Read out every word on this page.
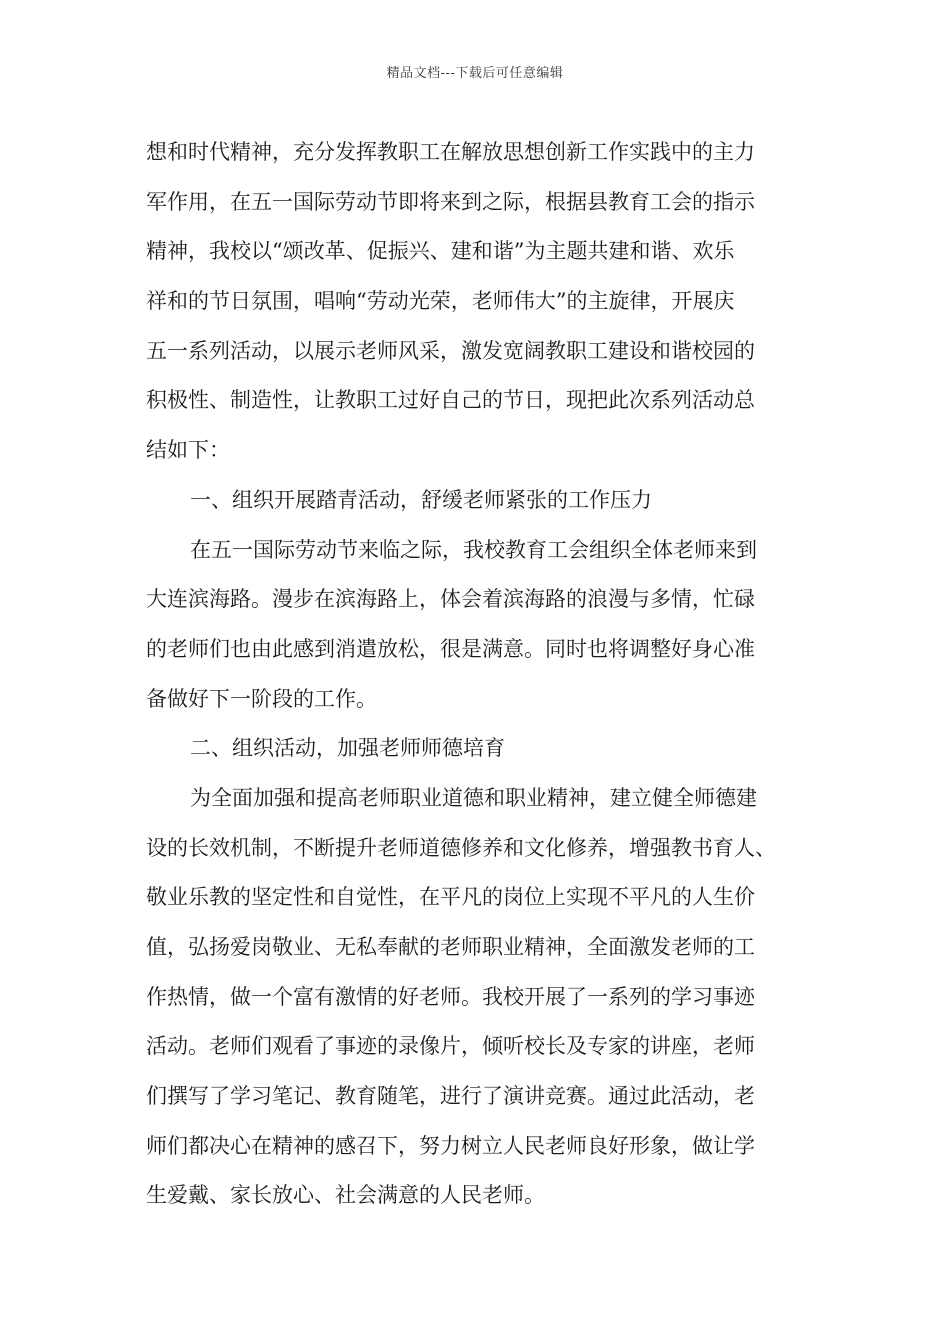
精品文档---下载后可任意编辑
想和时代精神，充分发挥教职工在解放思想创新工作实践中的主力
军作用，在五一国际劳动节即将来到之际，根据县教育工会的指示
精神，我校以“颂改革、促振兴、建和谐”为主题共建和谐、欢乐
祥和的节日氛围，唱响“劳动光荣，老师伟大”的主旋律，开展庆
五一系列活动，以展示老师风采，激发宽阔教职工建设和谐校园的
积极性、制造性，让教职工过好自己的节日，现把此次系列活动总
结如下：
一、组织开展踏青活动，舒缓老师紧张的工作压力
在五一国际劳动节来临之际，我校教育工会组织全体老师来到
大连滨海路。漫步在滨海路上，体会着滨海路的浪漫与多情，忙碌
的老师们也由此感到消遣放松，很是满意。同时也将调整好身心准
备做好下一阶段的工作。
二、组织活动，加强老师师德培育
为全面加强和提高老师职业道德和职业精神，建立健全师德建
设的长效机制，不断提升老师道德修养和文化修养，增强教书育人、
敬业乐教的坚定性和自觉性，在平凡的岗位上实现不平凡的人生价
值，弘扬爱岗敬业、无私奉献的老师职业精神，全面激发老师的工
作热情，做一个富有激情的好老师。我校开展了一系列的学习事迹
活动。老师们观看了事迹的录像片，倾听校长及专家的讲座，老师
们撰写了学习笔记、教育随笔，进行了演讲竞赛。通过此活动，老
师们都决心在精神的感召下，努力树立人民老师良好形象，做让学
生爱戴、家长放心、社会满意的人民老师。
